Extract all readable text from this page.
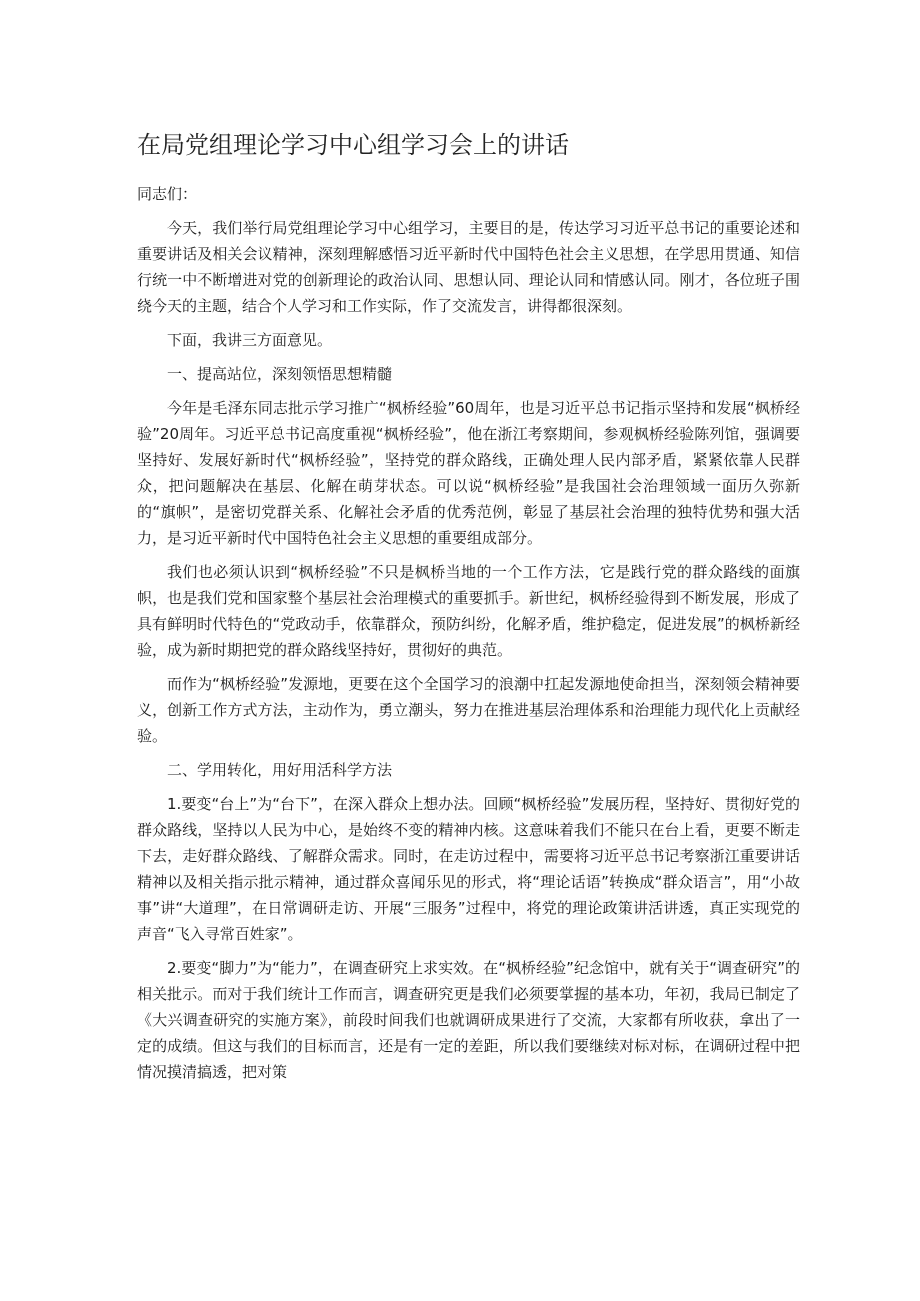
在局党组理论学习中心组学习会上的讲话

同志们：

今天，我们举行局党组理论学习中心组学习，主要目的是，传达学习习近平总书记的重要论述和重要讲话及相关会议精神，深刻理解感悟习近平新时代中国特色社会主义思想，在学思用贯通、知信行统一中不断增进对党的创新理论的政治认同、思想认同、理论认同和情感认同。刚才，各位班子围绕今天的主题，结合个人学习和工作实际，作了交流发言，讲得都很深刻。

下面，我讲三方面意见。

一、提高站位，深刻领悟思想精髓

今年是毛泽东同志批示学习推广“枫桥经验”60周年，也是习近平总书记指示坚持和发展“枫桥经验”20周年。习近平总书记高度重视“枫桥经验”，他在浙江考察期间，参观枫桥经验陈列馆，强调要坚持好、发展好新时代“枫桥经验”，坚持党的群众路线，正确处理人民内部矛盾，紧紧依靠人民群众，把问题解决在基层、化解在萌芽状态。可以说“枫桥经验”是我国社会治理领域一面历久弥新的“旗帜”，是密切党群关系、化解社会矛盾的优秀范例，彰显了基层社会治理的独特优势和强大活力，是习近平新时代中国特色社会主义思想的重要组成部分。

我们也必须认识到“枫桥经验”不只是枫桥当地的一个工作方法，它是践行党的群众路线的面旗帜，也是我们党和国家整个基层社会治理模式的重要抓手。新世纪，枫桥经验得到不断发展，形成了具有鲜明时代特色的“党政动手，依靠群众，预防纠纷，化解矛盾，维护稳定，促进发展”的枫桥新经验，成为新时期把党的群众路线坚持好，贯彻好的典范。

而作为“枫桥经验”发源地，更要在这个全国学习的浪潮中扛起发源地使命担当，深刻领会精神要义，创新工作方式方法，主动作为，勇立潮头，努力在推进基层治理体系和治理能力现代化上贡献经验。

二、学用转化，用好用活科学方法

1.要变“台上”为“台下”，在深入群众上想办法。回顾“枫桥经验”发展历程，坚持好、贯彻好党的群众路线，坚持以人民为中心，是始终不变的精神内核。这意味着我们不能只在台上看，更要不断走下去，走好群众路线、了解群众需求。同时，在走访过程中，需要将习近平总书记考察浙江重要讲话精神以及相关指示批示精神，通过群众喜闻乐见的形式，将“理论话语”转换成“群众语言”，用“小故事”讲“大道理”，在日常调研走访、开展“三服务”过程中，将党的理论政策讲活讲透，真正实现党的声音“飞入寻常百姓家”。

2.要变“脚力”为“能力”，在调查研究上求实效。在“枫桥经验”纪念馆中，就有关于“调查研究”的相关批示。而对于我们统计工作而言，调查研究更是我们必须要掌握的基本功，年初，我局已制定了《大兴调查研究的实施方案》，前段时间我们也就调研成果进行了交流，大家都有所收获，拿出了一定的成绩。但这与我们的目标而言，还是有一定的差距，所以我们要继续对标对标，在调研过程中把情况摸清搞透，把对策
